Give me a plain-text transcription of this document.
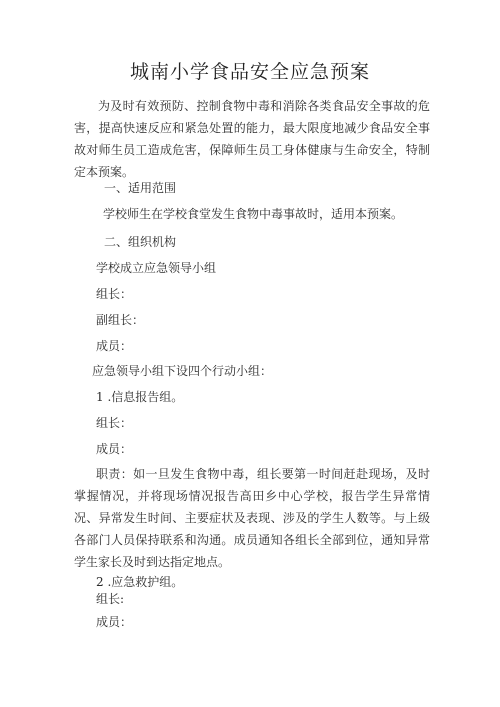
城南小学食品安全应急预案
为及时有效预防、控制食物中毒和消除各类食品安全事故的危害，提高快速反应和紧急处置的能力，最大限度地减少食品安全事故对师生员工造成危害，保障师生员工身体健康与生命安全，特制定本预案。
一、适用范围
学校师生在学校食堂发生食物中毒事故时，适用本预案。
二、组织机构
学校成立应急领导小组
组长：
副组长：
成员：
应急领导小组下设四个行动小组：
1 .信息报告组。
组长：
成员：
职责：如一旦发生食物中毒，组长要第一时间赶赴现场，及时掌握情况，并将现场情况报告高田乡中心学校，报告学生异常情况、异常发生时间、主要症状及表现、涉及的学生人数等。与上级各部门人员保持联系和沟通。成员通知各组长全部到位，通知异常学生家长及时到达指定地点。
2 .应急救护组。
组长:
成员：
